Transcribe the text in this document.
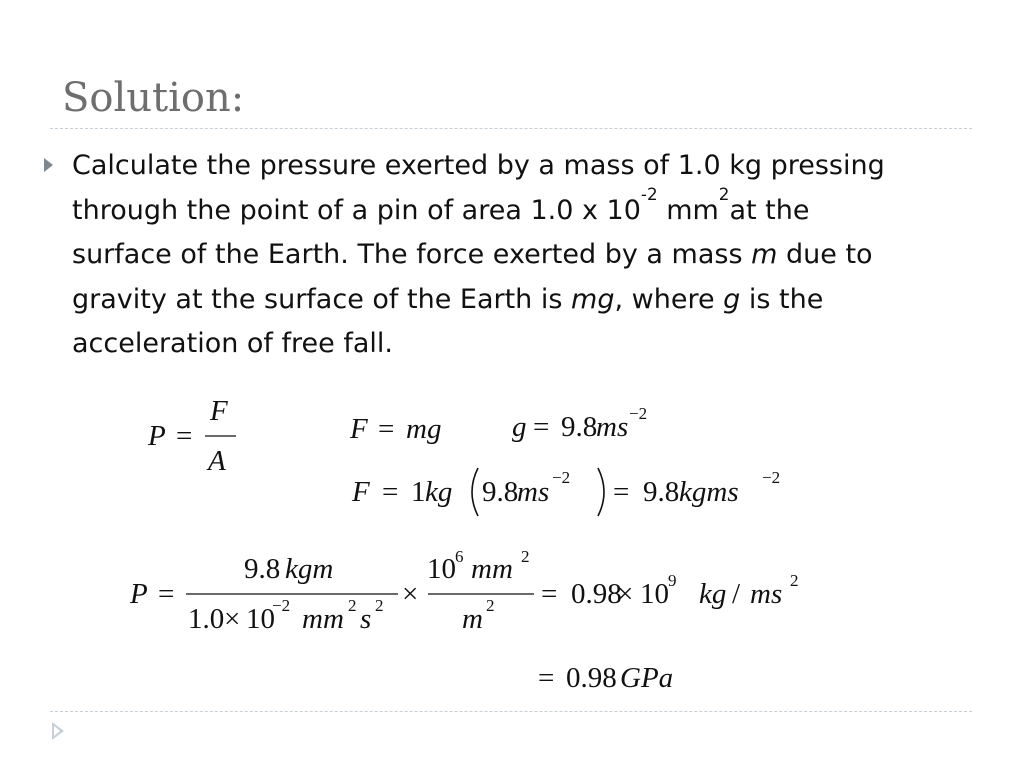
Solution:
Calculate the pressure exerted by a mass of 1.0 kg pressing
through the point of a pin of area 1.0 x $10^{-2}$ $mm^2at$ the
surface of the Earth. The force exerted by a mass m due to
gravity at the surface of the Earth is mg, where g is the
acceleration of free fall.
P =
F
A
F = mg g = 9.8
ms −2
F = 1 kg 9.8
ms −2 = 9.8 kgms −2
P =
9.8 kgm
1.0 × 10
−2 mm 2 s 2 ×
10 6 mm 2
m 2 = 0.98
× 10 9 kg / ms 2
= 0.98 GPa
